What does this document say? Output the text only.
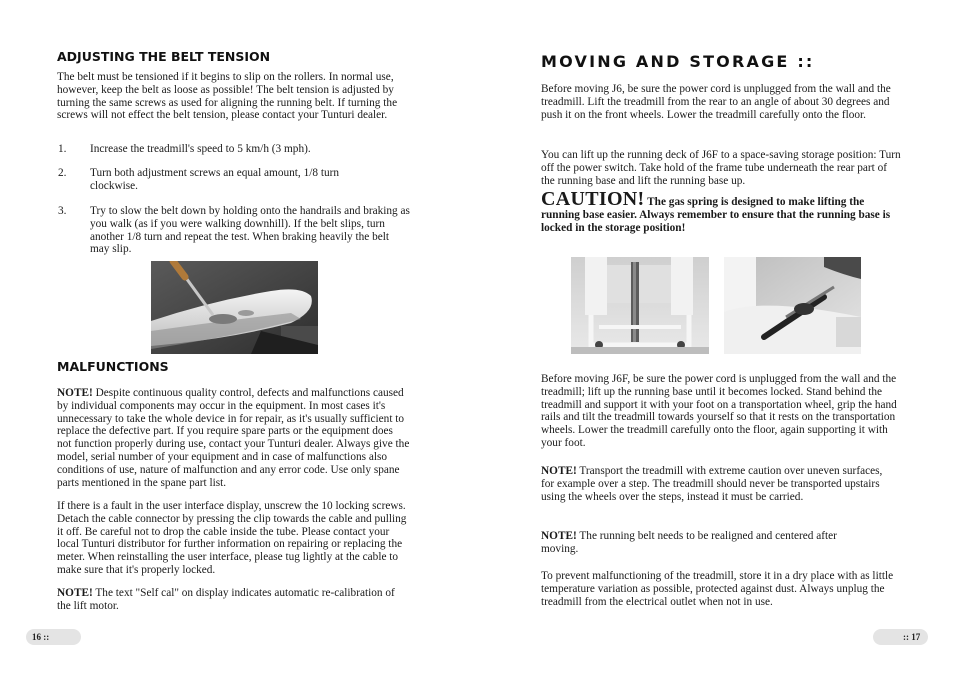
ADJUSTING THE BELT TENSION

The belt must be tensioned if it begins to slip on the rollers. In normal use, however, keep the belt as loose as possible! The belt tension is adjusted by turning the same screws as used for aligning the running belt. If turning the screws will not effect the belt tension, please contact your Tunturi dealer.

1. Increase the treadmill's speed to 5 km/h (3 mph).
2. Turn both adjustment screws an equal amount, 1/8 turn clockwise.
3. Try to slow the belt down by holding onto the handrails and braking as you walk (as if you were walking downhill). If the belt slips, turn another 1/8 turn and repeat the test. When braking heavily the belt may slip.
MALFUNCTIONS

NOTE! Despite continuous quality control, defects and malfunctions caused by individual components may occur in the equipment. In most cases it's unnecessary to take the whole device in for repair, as it's usually sufficient to replace the defective part. If you require spare parts or the equipment does not function properly during use, contact your Tunturi dealer. Always give the model, serial number of your equipment and in case of malfunctions also conditions of use, nature of malfunction and any error code. Use only spane parts mentioned in the spane part list.

If there is a fault in the user interface display, unscrew the 10 locking screws. Detach the cable connector by pressing the clip towards the cable and pulling it off. Be careful not to drop the cable inside the tube. Please contact your local Tunturi distributor for further information on repairing or replacing the meter. When reinstalling the user interface, please tug lightly at the cable to make sure that it's properly locked.

NOTE! The text "Self cal" on display indicates automatic re-calibration of the lift motor.

16 ::
MOVING AND STORAGE ::

Before moving J6, be sure the power cord is unplugged from the wall and the treadmill. Lift the treadmill from the rear to an angle of about 30 degrees and push it on the front wheels. Lower the treadmill carefully onto the floor.

You can lift up the running deck of J6F to a space-saving storage position: Turn off the power switch. Take hold of the frame tube underneath the rear part of the running base and lift the running base up.

CAUTION! The gas spring is designed to make lifting the running base easier. Always remember to ensure that the running base is locked in the storage position!

Before moving J6F, be sure the power cord is unplugged from the wall and the treadmill; lift up the running base until it becomes locked. Stand behind the treadmill and support it with your foot on a transportation wheel, grip the hand rails and tilt the treadmill towards yourself so that it rests on the transportation wheels. Lower the treadmill carefully onto the floor, again supporting it with your foot.

NOTE! Transport the treadmill with extreme caution over uneven surfaces, for example over a step. The treadmill should never be transported upstairs using the wheels over the steps, instead it must be carried.

NOTE! The running belt needs to be realigned and centered after moving.

To prevent malfunctioning of the treadmill, store it in a dry place with as little temperature variation as possible, protected against dust. Always unplug the treadmill from the electrical outlet when not in use.

:: 17
